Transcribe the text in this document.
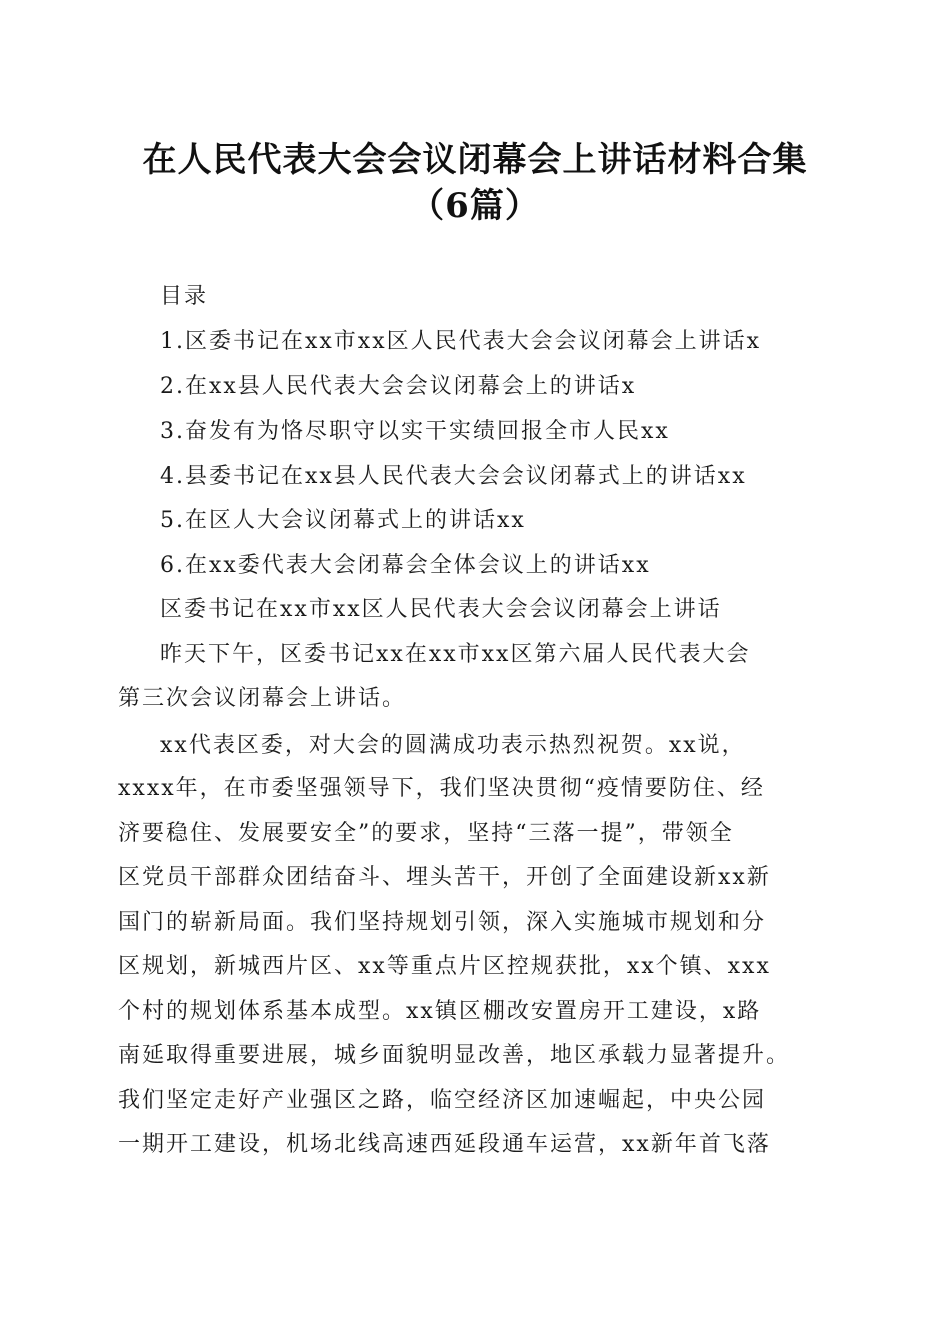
在人民代表大会会议闭幕会上讲话材料合集
（6篇）
目录
1.区委书记在xx市xx区人民代表大会会议闭幕会上讲话x
2.在xx县人民代表大会会议闭幕会上的讲话x
3.奋发有为恪尽职守以实干实绩回报全市人民xx
4.县委书记在xx县人民代表大会会议闭幕式上的讲话xx
5.在区人大会议闭幕式上的讲话xx
6.在xx委代表大会闭幕会全体会议上的讲话xx
区委书记在xx市xx区人民代表大会会议闭幕会上讲话
昨天下午，区委书记xx在xx市xx区第六届人民代表大会
第三次会议闭幕会上讲话。
xx代表区委，对大会的圆满成功表示热烈祝贺。xx说，
xxxx年，在市委坚强领导下，我们坚决贯彻“疫情要防住、经
济要稳住、发展要安全”的要求，坚持“三落一提”，带领全
区党员干部群众团结奋斗、埋头苦干，开创了全面建设新xx新
国门的崭新局面。我们坚持规划引领，深入实施城市规划和分
区规划，新城西片区、xx等重点片区控规获批，xx个镇、xxx
个村的规划体系基本成型。xx镇区棚改安置房开工建设，x路
南延取得重要进展，城乡面貌明显改善，地区承载力显著提升。
我们坚定走好产业强区之路，临空经济区加速崛起，中央公园
一期开工建设，机场北线高速西延段通车运营，xx新年首飞落
